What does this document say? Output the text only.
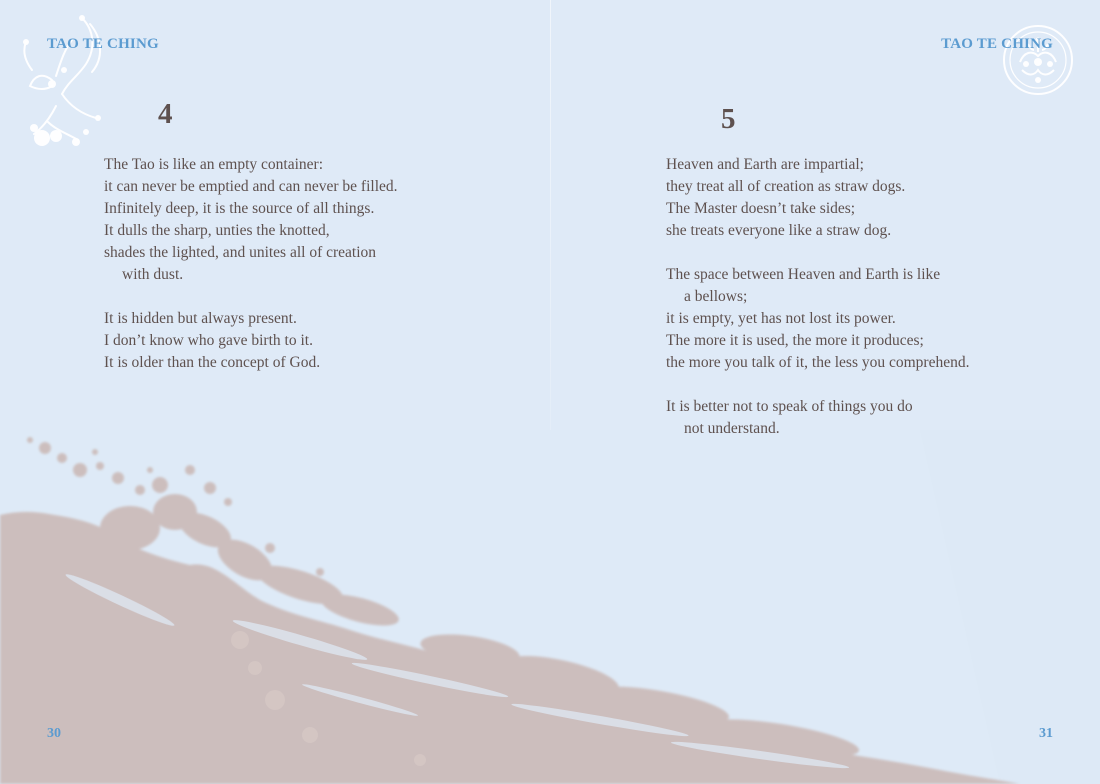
TAO TE CHING
4
The Tao is like an empty container:
it can never be emptied and can never be filled.
Infinitely deep, it is the source of all things.
It dulls the sharp, unties the knotted,
shades the lighted, and unites all of creation
with dust.
It is hidden but always present.
I don’t know who gave birth to it.
It is older than the concept of God.
30
TAO TE CHING
5
Heaven and Earth are impartial;
they treat all of creation as straw dogs.
The Master doesn’t take sides;
she treats everyone like a straw dog.
The space between Heaven and Earth is like
a bellows;
it is empty, yet has not lost its power.
The more it is used, the more it produces;
the more you talk of it, the less you comprehend.
It is better not to speak of things you do
not understand.
31
